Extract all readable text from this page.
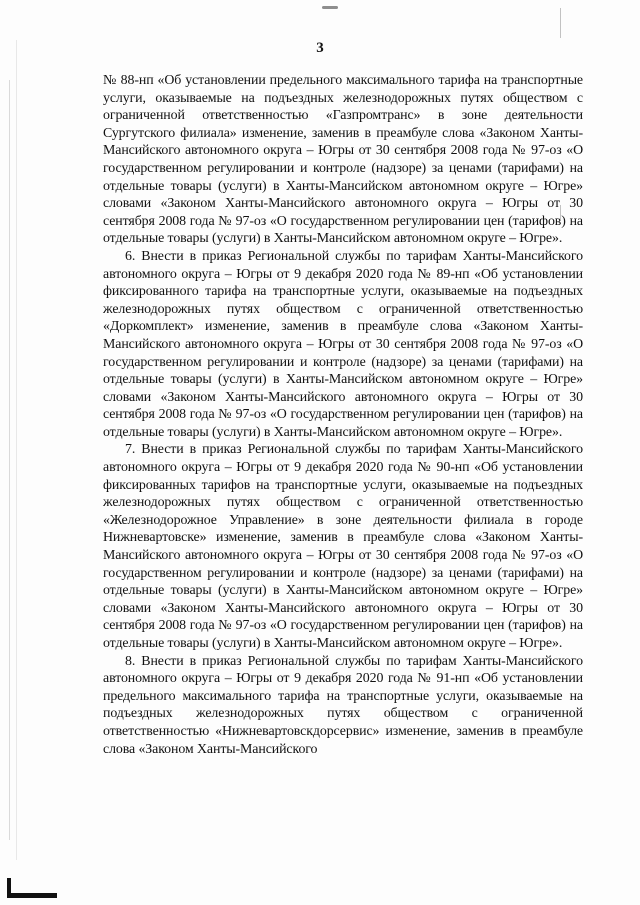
3

№ 88-нп «Об установлении предельного максимального тарифа на транспортные услуги, оказываемые на подъездных железнодорожных путях обществом с ограниченной ответственностью «Газпромтранс» в зоне деятельности Сургутского филиала» изменение, заменив в преамбуле слова «Законом Ханты-Мансийского автономного округа – Югры от 30 сентября 2008 года № 97-оз «О государственном регулировании и контроле (надзоре) за ценами (тарифами) на отдельные товары (услуги) в Ханты-Мансийском автономном округе – Югре» словами «Законом Ханты-Мансийского автономного округа – Югры от 30 сентября 2008 года № 97-оз «О государственном регулировании цен (тарифов) на отдельные товары (услуги) в Ханты-Мансийском автономном округе – Югре».

6. Внести в приказ Региональной службы по тарифам Ханты-Мансийского автономного округа – Югры от 9 декабря 2020 года № 89-нп «Об установлении фиксированного тарифа на транспортные услуги, оказываемые на подъездных железнодорожных путях обществом с ограниченной ответственностью «Доркомплект» изменение, заменив в преамбуле слова «Законом Ханты-Мансийского автономного округа – Югры от 30 сентября 2008 года № 97-оз «О государственном регулировании и контроле (надзоре) за ценами (тарифами) на отдельные товары (услуги) в Ханты-Мансийском автономном округе – Югре» словами «Законом Ханты-Мансийского автономного округа – Югры от 30 сентября 2008 года № 97-оз «О государственном регулировании цен (тарифов) на отдельные товары (услуги) в Ханты-Мансийском автономном округе – Югре».

7. Внести в приказ Региональной службы по тарифам Ханты-Мансийского автономного округа – Югры от 9 декабря 2020 года № 90-нп «Об установлении фиксированных тарифов на транспортные услуги, оказываемые на подъездных железнодорожных путях обществом с ограниченной ответственностью «Железнодорожное Управление» в зоне деятельности филиала в городе Нижневартовске» изменение, заменив в преамбуле слова «Законом Ханты-Мансийского автономного округа – Югры от 30 сентября 2008 года № 97-оз «О государственном регулировании и контроле (надзоре) за ценами (тарифами) на отдельные товары (услуги) в Ханты-Мансийском автономном округе – Югре» словами «Законом Ханты-Мансийского автономного округа – Югры от 30 сентября 2008 года № 97-оз «О государственном регулировании цен (тарифов) на отдельные товары (услуги) в Ханты-Мансийском автономном округе – Югре».

8. Внести в приказ Региональной службы по тарифам Ханты-Мансийского автономного округа – Югры от 9 декабря 2020 года № 91-нп «Об установлении предельного максимального тарифа на транспортные услуги, оказываемые на подъездных железнодорожных путях обществом с ограниченной ответственностью «Нижневартовскдорсервис» изменение, заменив в преамбуле слова «Законом Ханты-Мансийского
